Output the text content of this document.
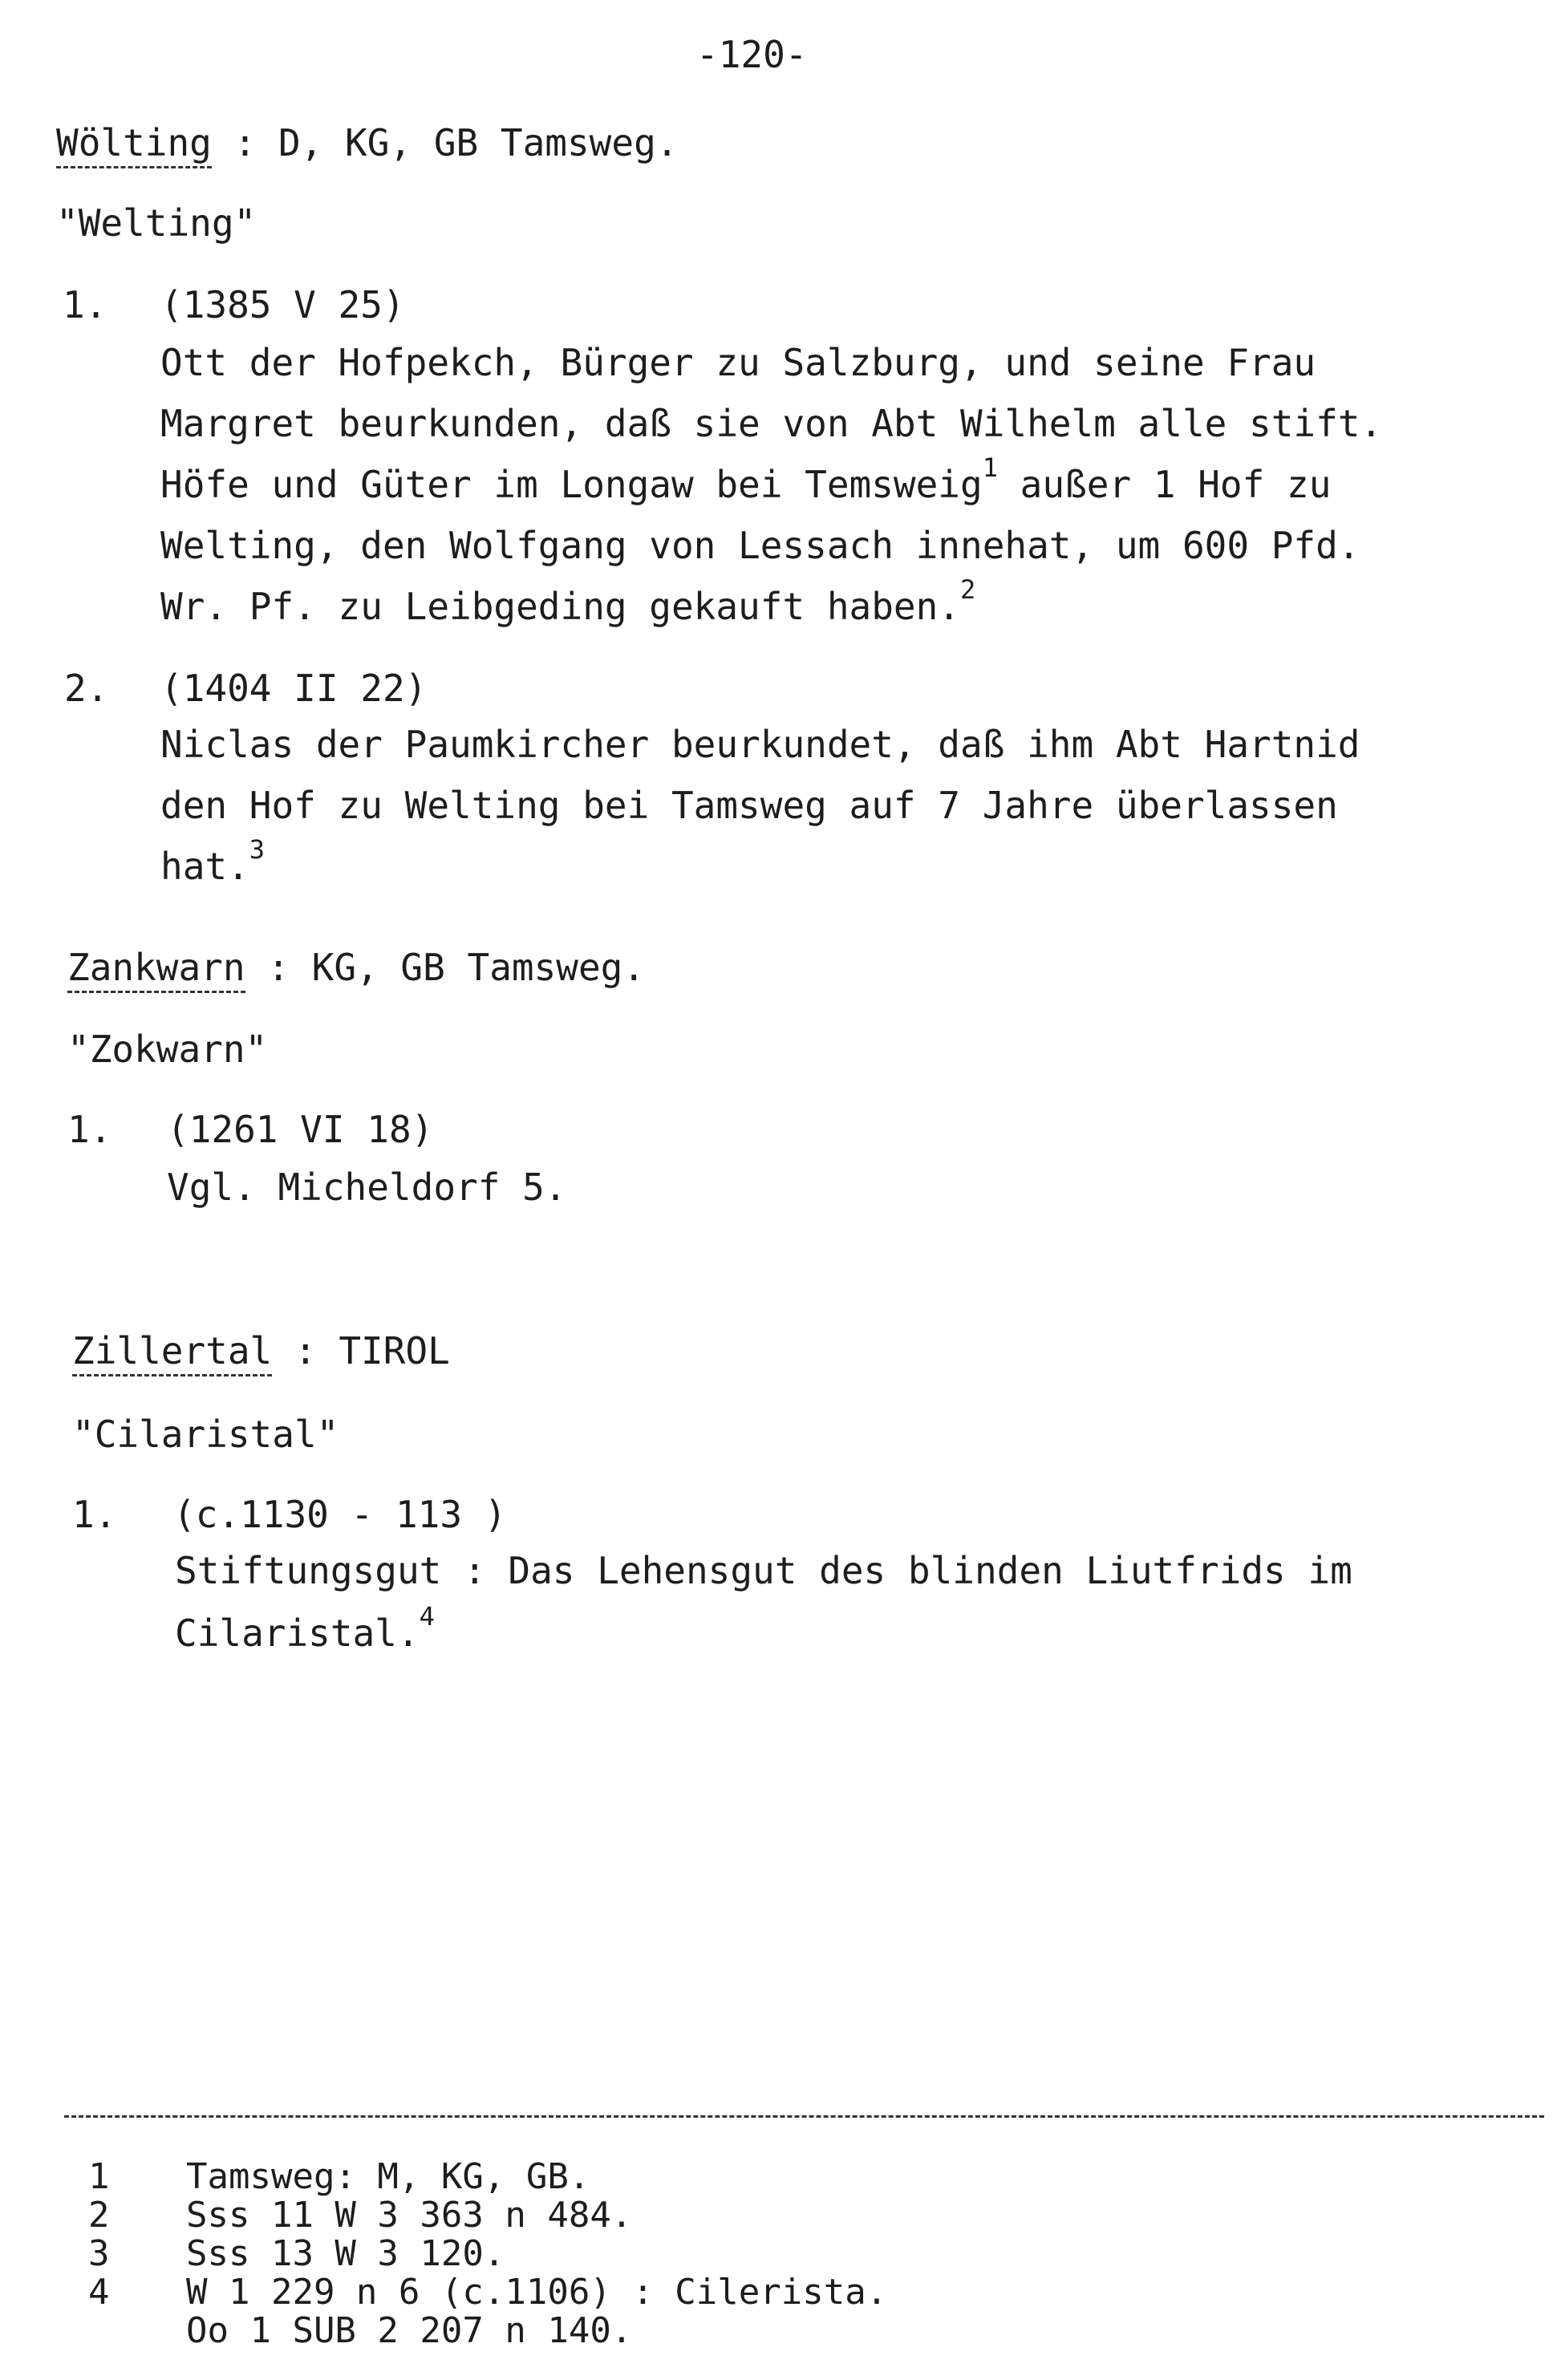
-120-
Wölting : D, KG, GB Tamsweg.
"Welting"
1. (1385 V 25)
Ott der Hofpekch, Bürger zu Salzburg, und seine Frau
Margret beurkunden, daß sie von Abt Wilhelm alle stift.
Höfe und Güter im Longaw bei Temsweig$^1$ außer 1 Hof zu
Welting, den Wolfgang von Lessach innehat, um 600 Pfd.
Wr. Pf. zu Leibgeding gekauft haben.$^2$
2. (1404 II 22)
Niclas der Paumkircher beurkundet, daß ihm Abt Hartnid
den Hof zu Welting bei Tamsweg auf 7 Jahre überlassen
hat.$^3$
Zankwarn : KG, GB Tamsweg.
"Zokwarn"
1. (1261 VI 18)
Vgl. Micheldorf 5.
Zillertal : TIROL
"Cilaristal"
1. (c.1130 - 113 )
Stiftungsgut : Das Lehensgut des blinden Liutfrids im
Cilaristal.$^4$
1 Tamsweg: M, KG, GB.
2 Sss 11 W 3 363 n 484.
3 Sss 13 W 3 120.
4 W 1 229 n 6 (c.1106) : Cilerista.
Oo 1 SUB 2 207 n 140.
